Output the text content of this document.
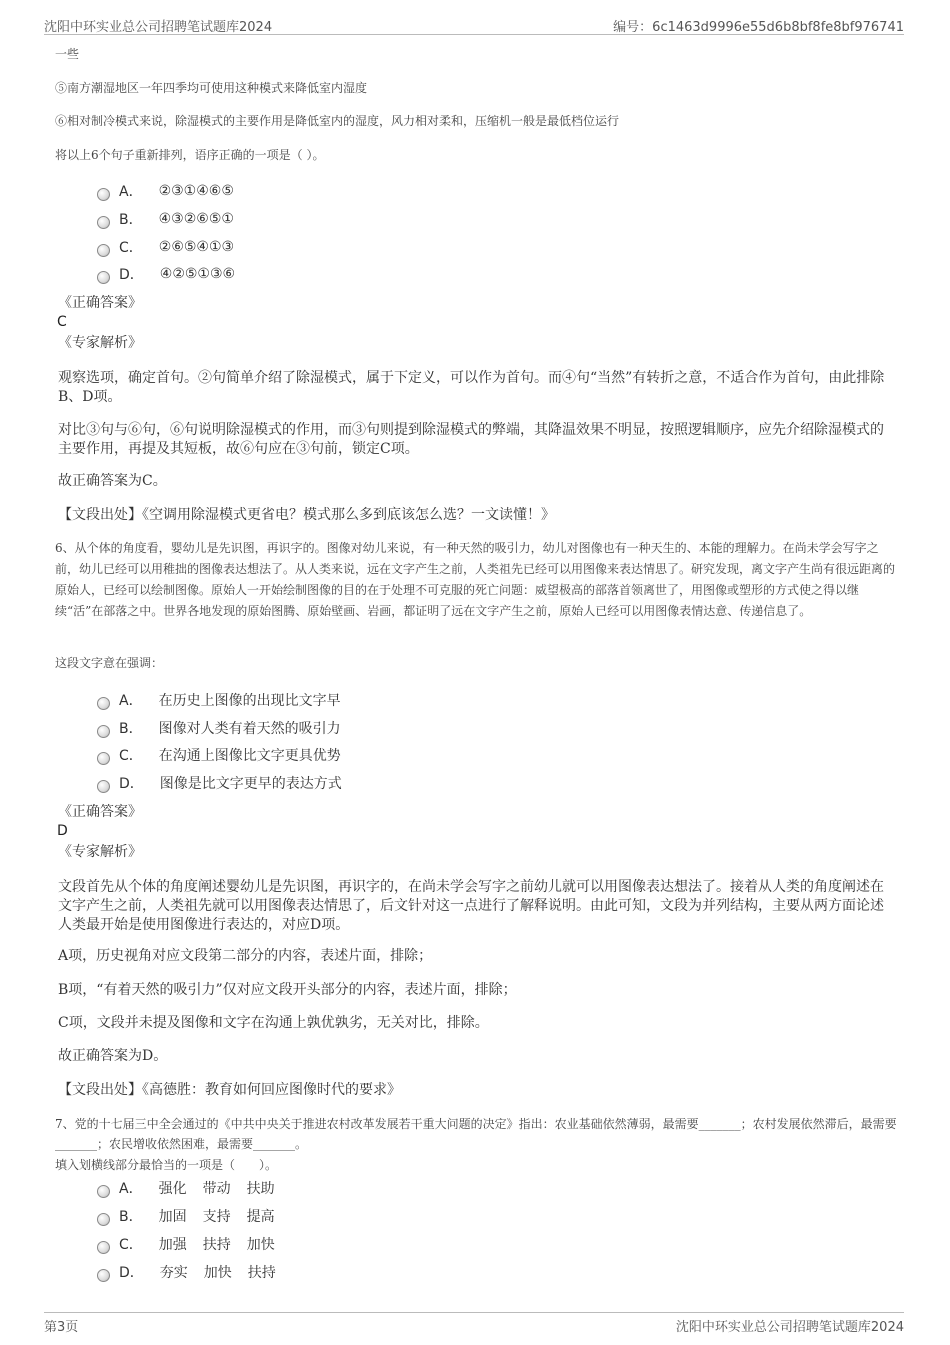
沈阳中环实业总公司招聘笔试题库2024	编号：6c1463d9996e55d6b8bf8fe8bf976741
一些
⑤南方潮湿地区一年四季均可使用这种模式来降低室内湿度
⑥相对制冷模式来说，除湿模式的主要作用是降低室内的湿度，风力相对柔和，压缩机一般是最低档位运行
将以上6个句子重新排列，语序正确的一项是（ ）。
A． ②③①④⑥⑤
B． ④③②⑥⑤①
C． ②⑥⑤④①③
D． ④②⑤①③⑥
《正确答案》
C
《专家解析》
观察选项，确定首句。②句简单介绍了除湿模式，属于下定义，可以作为首句。而④句“当然”有转折之意，不适合作为首句，由此排除B、D项。
对比③句与⑥句，⑥句说明除湿模式的作用，而③句则提到除湿模式的弊端，其降温效果不明显，按照逻辑顺序，应先介绍除湿模式的主要作用，再提及其短板，故⑥句应在③句前，锁定C项。
故正确答案为C。
【文段出处】《空调用除湿模式更省电？模式那么多到底该怎么选？一文读懂！》
6、从个体的角度看，婴幼儿是先识图，再识字的。图像对幼儿来说，有一种天然的吸引力，幼儿对图像也有一种天生的、本能的理解力。在尚未学会写字之前，幼儿已经可以用稚拙的图像表达想法了。从人类来说，远在文字产生之前，人类祖先已经可以用图像来表达情思了。研究发现，离文字产生尚有很远距离的原始人，已经可以绘制图像。原始人一开始绘制图像的目的在于处理不可克服的死亡问题：威望极高的部落首领离世了，用图像或塑形的方式使之得以继续“活”在部落之中。世界各地发现的原始图腾、原始壁画、岩画，都证明了远在文字产生之前，原始人已经可以用图像表情达意、传递信息了。
这段文字意在强调：
A． 在历史上图像的出现比文字早
B． 图像对人类有着天然的吸引力
C． 在沟通上图像比文字更具优势
D． 图像是比文字更早的表达方式
《正确答案》
D
《专家解析》
文段首先从个体的角度阐述婴幼儿是先识图，再识字的，在尚未学会写字之前幼儿就可以用图像表达想法了。接着从人类的角度阐述在文字产生之前，人类祖先就可以用图像表达情思了，后文针对这一点进行了解释说明。由此可知，文段为并列结构，主要从两方面论述人类最开始是使用图像进行表达的，对应D项。
A项，历史视角对应文段第二部分的内容，表述片面，排除；
B项，“有着天然的吸引力”仅对应文段开头部分的内容，表述片面，排除；
C项，文段并未提及图像和文字在沟通上孰优孰劣，无关对比，排除。
故正确答案为D。
【文段出处】《高德胜：教育如何回应图像时代的要求》
7、党的十七届三中全会通过的《中共中央关于推进农村改革发展若干重大问题的决定》指出：农业基础依然薄弱，最需要_______；农村发展依然滞后，最需要_______；农民增收依然困难，最需要_______。
填入划横线部分最恰当的一项是（　　）。
A． 强化 带动 扶助
B． 加固 支持 提高
C． 加强 扶持 加快
D． 夯实 加快 扶持
第3页	沈阳中环实业总公司招聘笔试题库2024
